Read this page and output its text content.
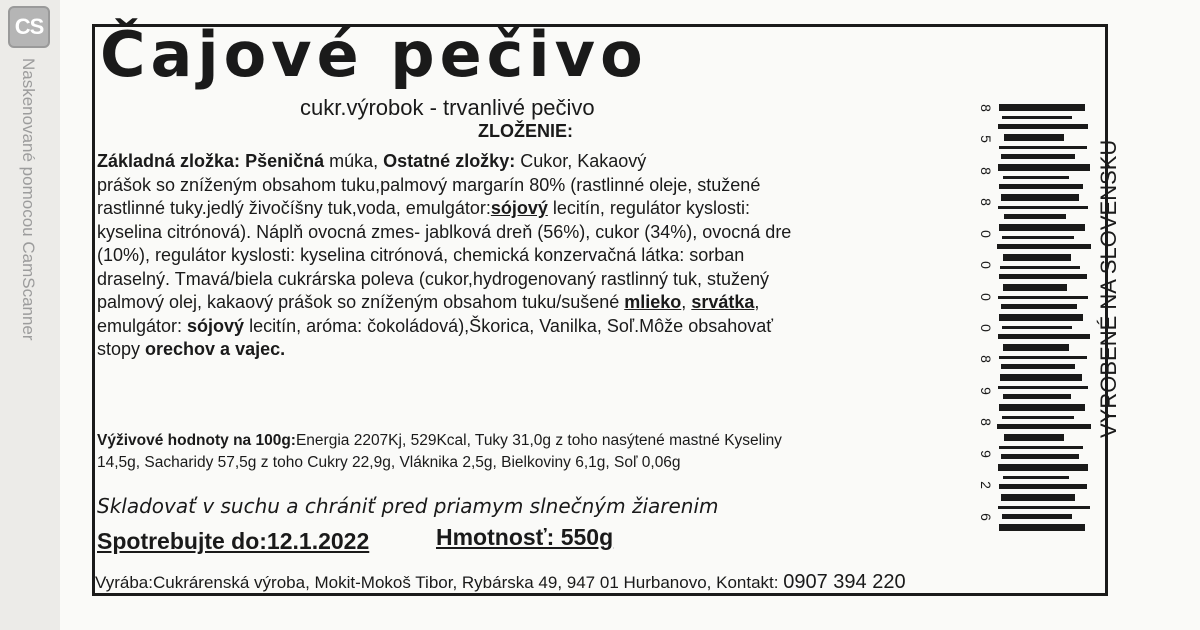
CS
Naskenované pomocou CamScanner
Čajové pečivo
cukr.výrobok - trvanlivé pečivo
ZLOŽENIE:
Základná zložka: Pšeničná múka, Ostatné zložky: Cukor, Kakaový
prášok so zníženým obsahom tuku,palmový margarín 80% (rastlinné oleje, stužené
rastlinné tuky.jedlý živočíšny tuk,voda, emulgátor:sójový lecitín, regulátor kyslosti:
kyselina citrónová). Náplň ovocná zmes- jablková dreň (56%), cukor (34%), ovocná dre
(10%), regulátor kyslosti: kyselina citrónová, chemická konzervačná látka: sorban
draselný. Tmavá/biela cukrárska poleva (cukor,hydrogenovaný rastlinný tuk, stužený
palmový olej, kakaový prášok so zníženým obsahom tuku/sušené mlieko, srvátka,
emulgátor: sójový lecitín, aróma: čokoládová),Škorica, Vanilka, Soľ.Môže obsahovať
stopy orechov a vajec.
Výživové hodnoty na 100g:Energia 2207Kj, 529Kcal, Tuky 31,0g z toho nasýtené mastné Kyseliny
14,5g, Sacharidy 57,5g z toho Cukry 22,9g, Vláknika 2,5g, Bielkoviny 6,1g, Soľ 0,06g
Skladovať v suchu a chrániť pred priamym slnečným žiarenim
Spotrebujte do:12.1.2022	Hmotnosť: 550g
Vyrába:Cukrárenská výroba, Mokit-Mokoš Tibor, Rybárska 49, 947 01 Hurbanovo, Kontakt: 0907 394 220
8
5
8
8
0
0
0
0
8
9
8
9
2
6
VYROBENÉ NA SLOVENSKU
